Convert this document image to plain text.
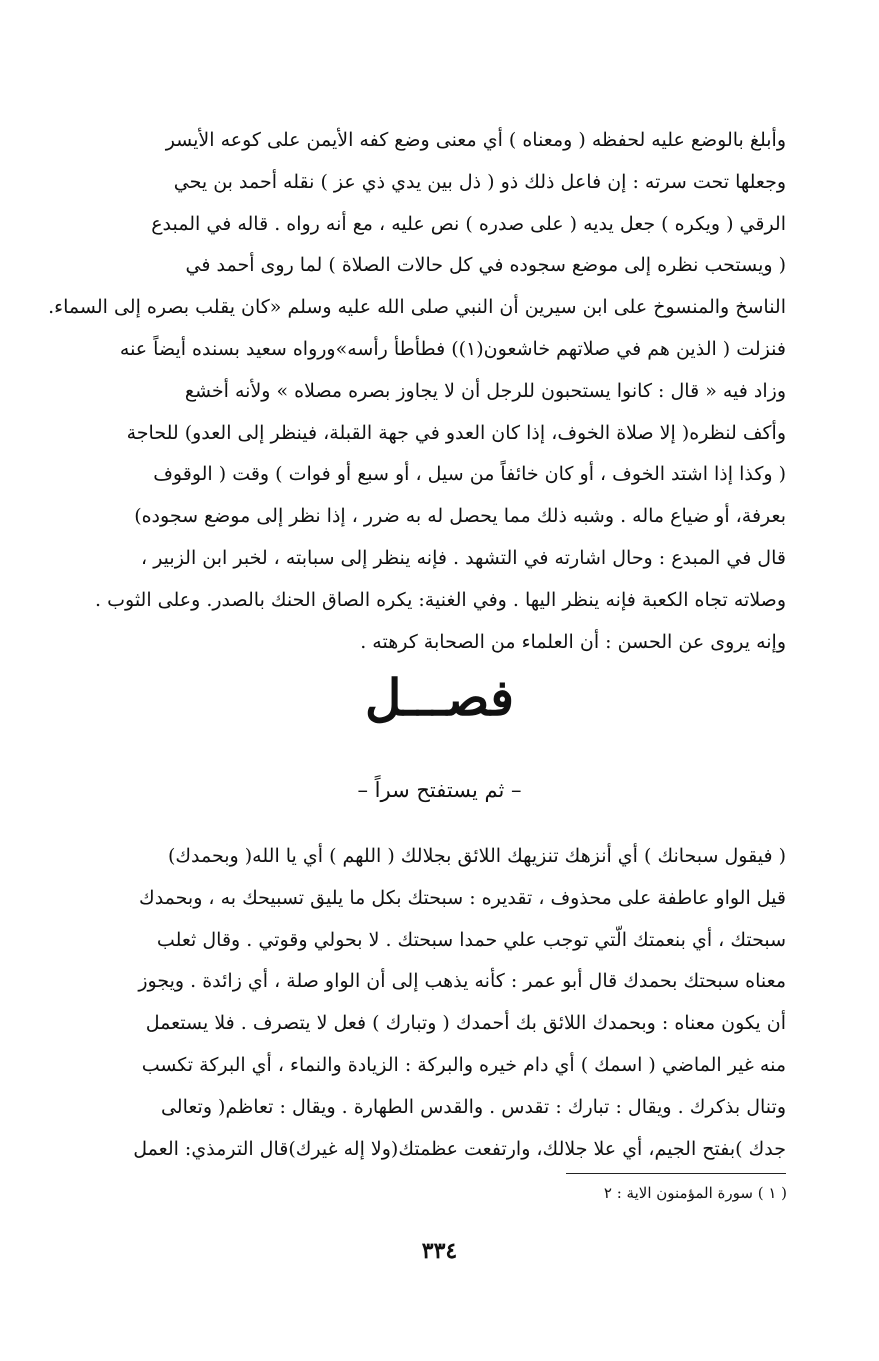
وأبلغ بالوضع عليه لحفظه ( ومعناه ) أي معنى وضع كفه الأيمن على كوعه الأيسر
وجعلها تحت سرته : إن فاعل ذلك ذو ( ذل بين يدي ذي عز ) نقله أحمد بن يحي
الرقي ( ويكره ) جعل يديه ( على صدره ) نص عليه ، مع أنه رواه . قاله في المبدع
( ويستحب نظره إلى موضع سجوده في كل حالات الصلاة ) لما روى أحمد في
الناسخ والمنسوخ على ابن سيرين أن النبي صلى الله عليه وسلم «كان يقلب بصره إلى السماء.
فنزلت ( الذين هم في صلاتهم خاشعون(١)) فطأطأ رأسه»ورواه سعيد بسنده أيضاً عنه
وزاد فيه « قال : كانوا يستحبون للرجل أن لا يجاوز بصره مصلاه » ولأنه أخشع
وأكف لنظره( إلا صلاة الخوف، إذا كان العدو في جهة القبلة، فينظر إلى العدو) للحاجة
( وكذا إذا اشتد الخوف ، أو كان خائفاً من سيل ، أو سبع أو فوات ) وقت ( الوقوف
بعرفة، أو ضياع ماله . وشبه ذلك مما يحصل له به ضرر ، إذا نظر إلى موضع سجوده)
قال في المبدع : وحال اشارته في التشهد . فإنه ينظر إلى سبابته ، لخبر ابن الزبير ،
وصلاته تجاه الكعبة فإنه ينظر اليها . وفي الغنية: يكره الصاق الحنك بالصدر. وعلى الثوب .
وإنه يروى عن الحسن : أن العلماء من الصحابة كرهته .
فصـــل
– ثم يستفتح سراً –
( فيقول سبحانك ) أي أنزهك تنزيهك اللائق بجلالك ( اللهم ) أي يا الله( وبحمدك)
قيل الواو عاطفة على محذوف ، تقديره : سبحتك بكل ما يليق تسبيحك به ، وبحمدك
سبحتك ، أي بنعمتك الّتي توجب علي حمدا سبحتك . لا بحولي وقوتي . وقال ثعلب
معناه سبحتك بحمدك قال أبو عمر : كأنه يذهب إلى أن الواو صلة ، أي زائدة . ويجوز
أن يكون معناه : وبحمدك اللائق بك أحمدك ( وتبارك ) فعل لا يتصرف . فلا يستعمل
منه غير الماضي ( اسمك ) أي دام خيره والبركة : الزيادة والنماء ، أي البركة تكسب
وتنال بذكرك . ويقال : تبارك : تقدس . والقدس الطهارة . ويقال : تعاظم( وتعالى
جدك )بفتح الجيم، أي علا جلالك، وارتفعت عظمتك(ولا إله غيرك)قال الترمذي: العمل
( ١ ) سورة المؤمنون الاية : ٢
٣٣٤
